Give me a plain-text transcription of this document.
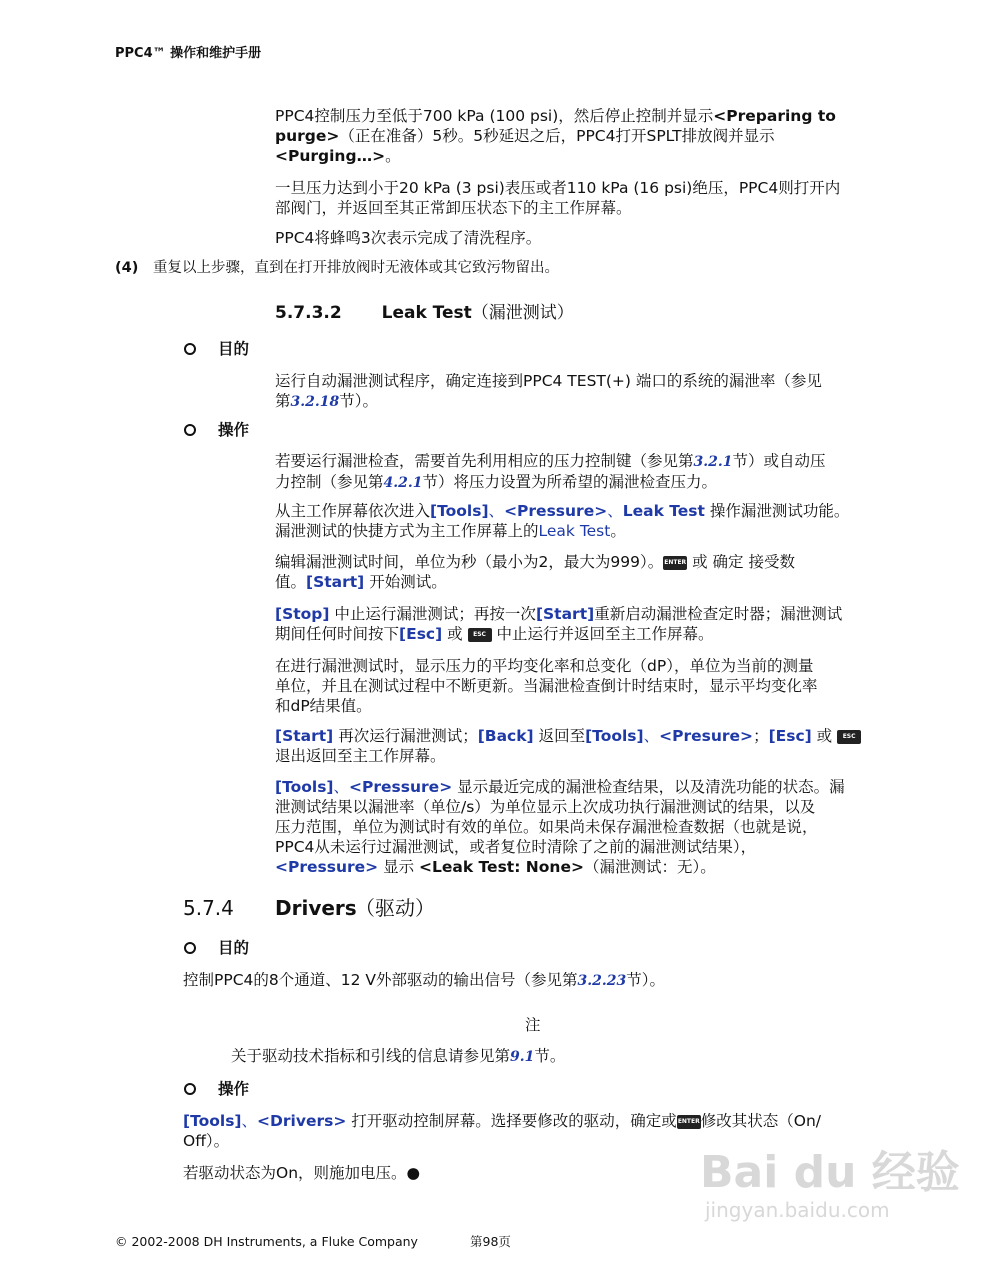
PPC4™ 操作和维护手册
PPC4控制压力至低于700 kPa (100 psi)，然后停止控制并显示<Preparing to
purge>（正在准备）5秒。5秒延迟之后，PPC4打开SPLT排放阀并显示
<Purging…>。
一旦压力达到小于20 kPa (3 psi)表压或者110 kPa (16 psi)绝压，PPC4则打开内
部阀门，并返回至其正常卸压状态下的主工作屏幕。
PPC4将蜂鸣3次表示完成了清洗程序。
(4) 重复以上步骤，直到在打开排放阀时无液体或其它致污物留出。
5.7.3.2 Leak Test（漏泄测试）
目的
运行自动漏泄测试程序，确定连接到PPC4 TEST(+) 端口的系统的漏泄率（参见
第3.2.18节）。
操作
若要运行漏泄检查，需要首先利用相应的压力控制键（参见第3.2.1节）或自动压
力控制（参见第4.2.1节）将压力设置为所希望的漏泄检查压力。
从主工作屏幕依次进入[Tools]、<Pressure>、Leak Test 操作漏泄测试功能。
漏泄测试的快捷方式为主工作屏幕上的Leak Test。
编辑漏泄测试时间，单位为秒（最小为2，最大为999）。ENTER 或 确定 接受数
值。[Start] 开始测试。
[Stop] 中止运行漏泄测试；再按一次[Start]重新启动漏泄检查定时器；漏泄测试
期间任何时间按下[Esc] 或 ESC 中止运行并返回至主工作屏幕。
在进行漏泄测试时，显示压力的平均变化率和总变化（dP），单位为当前的测量
单位，并且在测试过程中不断更新。当漏泄检查倒计时结束时，显示平均变化率
和dP结果值。
[Start] 再次运行漏泄测试；[Back] 返回至[Tools]、<Presure>；[Esc] 或 ESC
退出返回至主工作屏幕。
[Tools]、<Pressure> 显示最近完成的漏泄检查结果，以及清洗功能的状态。漏
泄测试结果以漏泄率（单位/s）为单位显示上次成功执行漏泄测试的结果，以及
压力范围，单位为测试时有效的单位。如果尚未保存漏泄检查数据（也就是说，
PPC4从未运行过漏泄测试，或者复位时清除了之前的漏泄测试结果），
<Pressure> 显示 <Leak Test: None>（漏泄测试：无）。
5.7.4 Drivers
（驱动）
目的
控制PPC4的8个通道、12 V外部驱动的输出信号（参见第3.2.23节）。
注
关于驱动技术指标和引线的信息请参见第9.1节。
操作
[Tools]、<Drivers> 打开驱动控制屏幕。选择要修改的驱动，确定或ENTER修改其状态（On/
Off）。
若驱动状态为On，则施加电压。●	Bai du 经验
jingyan.baidu.com
© 2002-2008 DH Instruments, a Fluke Company	第98页
